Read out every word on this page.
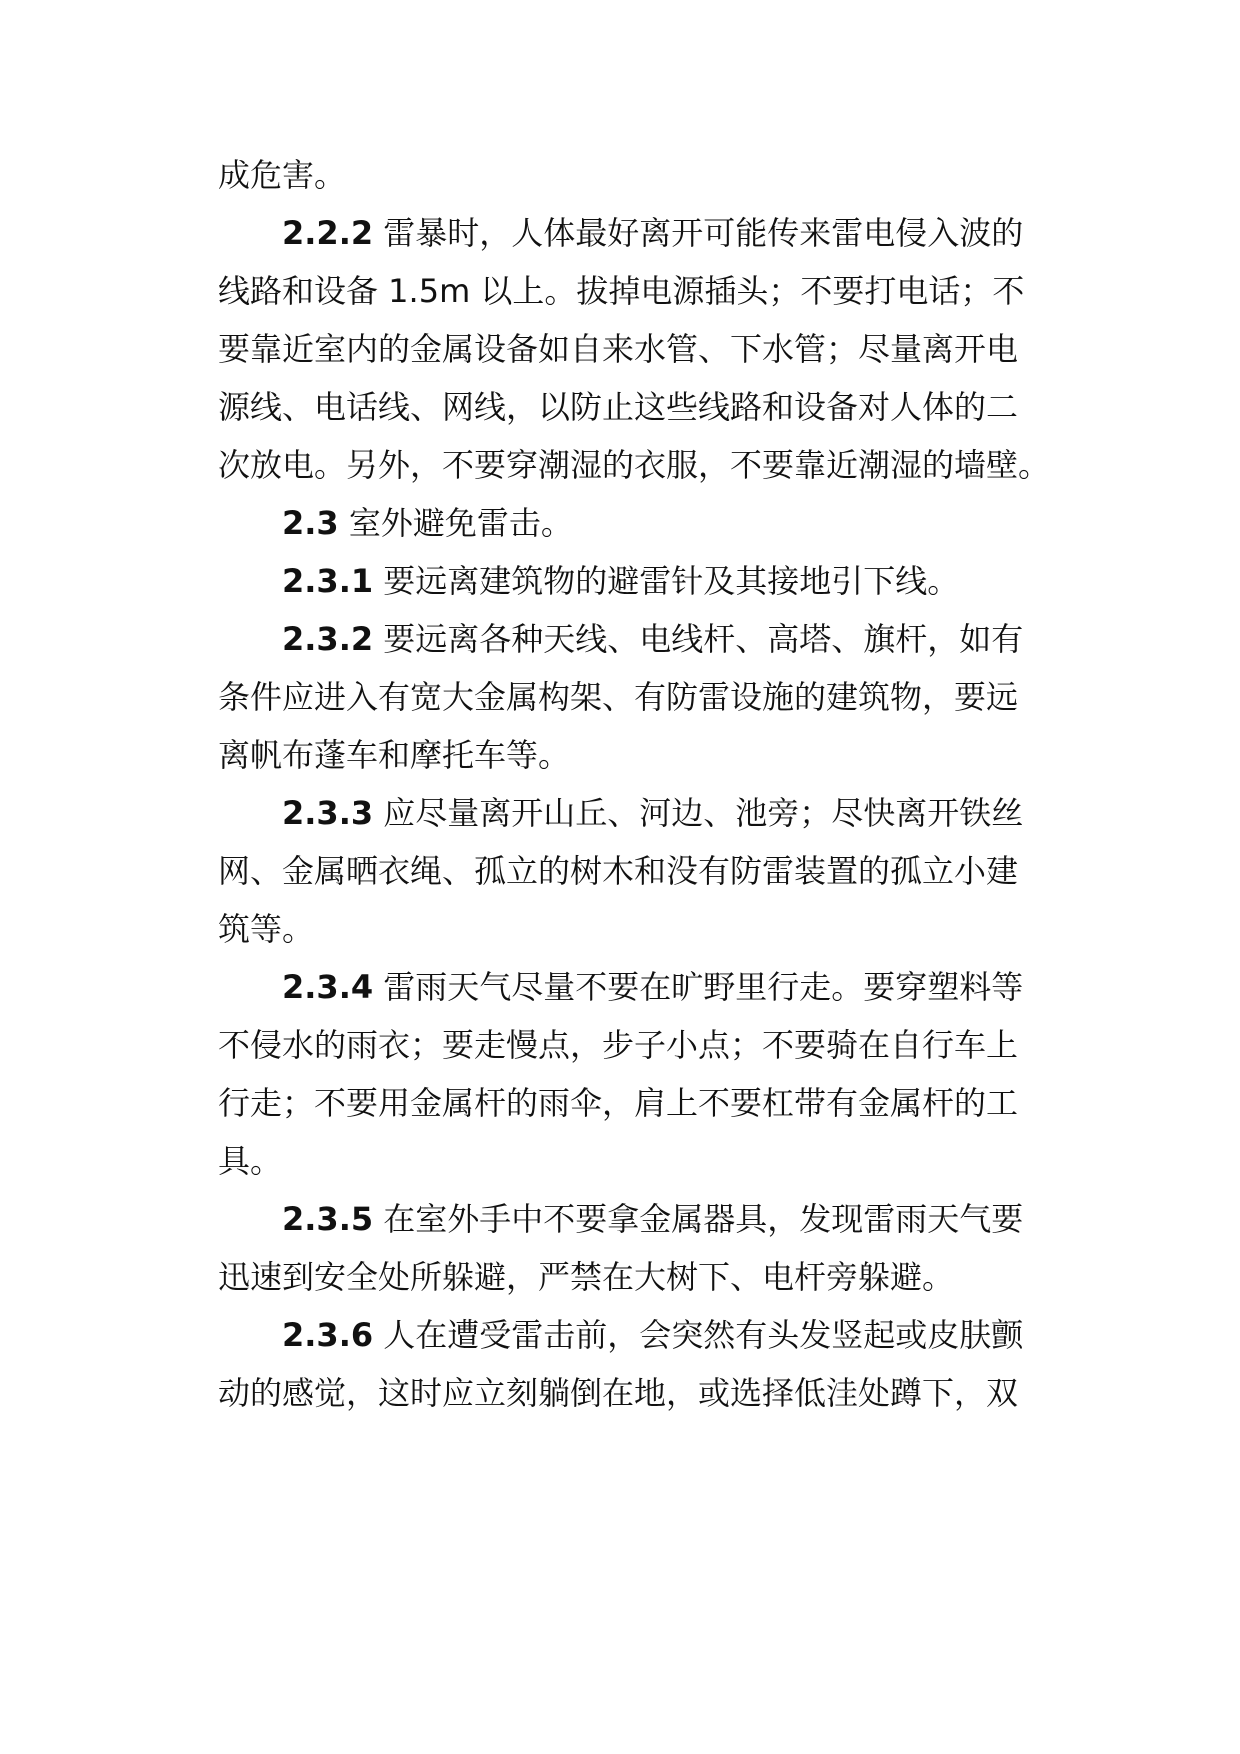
成危害。
2.2.2 雷暴时，人体最好离开可能传来雷电侵入波的
线路和设备 1.5m 以上。拔掉电源插头；不要打电话；不
要靠近室内的金属设备如自来水管、下水管；尽量离开电
源线、电话线、网线，以防止这些线路和设备对人体的二
次放电。另外，不要穿潮湿的衣服，不要靠近潮湿的墙壁。
2.3 室外避免雷击。
2.3.1 要远离建筑物的避雷针及其接地引下线。
2.3.2 要远离各种天线、电线杆、高塔、旗杆，如有
条件应进入有宽大金属构架、有防雷设施的建筑物，要远
离帆布蓬车和摩托车等。
2.3.3 应尽量离开山丘、河边、池旁；尽快离开铁丝
网、金属晒衣绳、孤立的树木和没有防雷装置的孤立小建
筑等。
2.3.4 雷雨天气尽量不要在旷野里行走。要穿塑料等
不侵水的雨衣；要走慢点，步子小点；不要骑在自行车上
行走；不要用金属杆的雨伞，肩上不要杠带有金属杆的工
具。
2.3.5 在室外手中不要拿金属器具，发现雷雨天气要
迅速到安全处所躲避，严禁在大树下、电杆旁躲避。
2.3.6 人在遭受雷击前，会突然有头发竖起或皮肤颤
动的感觉，这时应立刻躺倒在地，或选择低洼处蹲下，双
